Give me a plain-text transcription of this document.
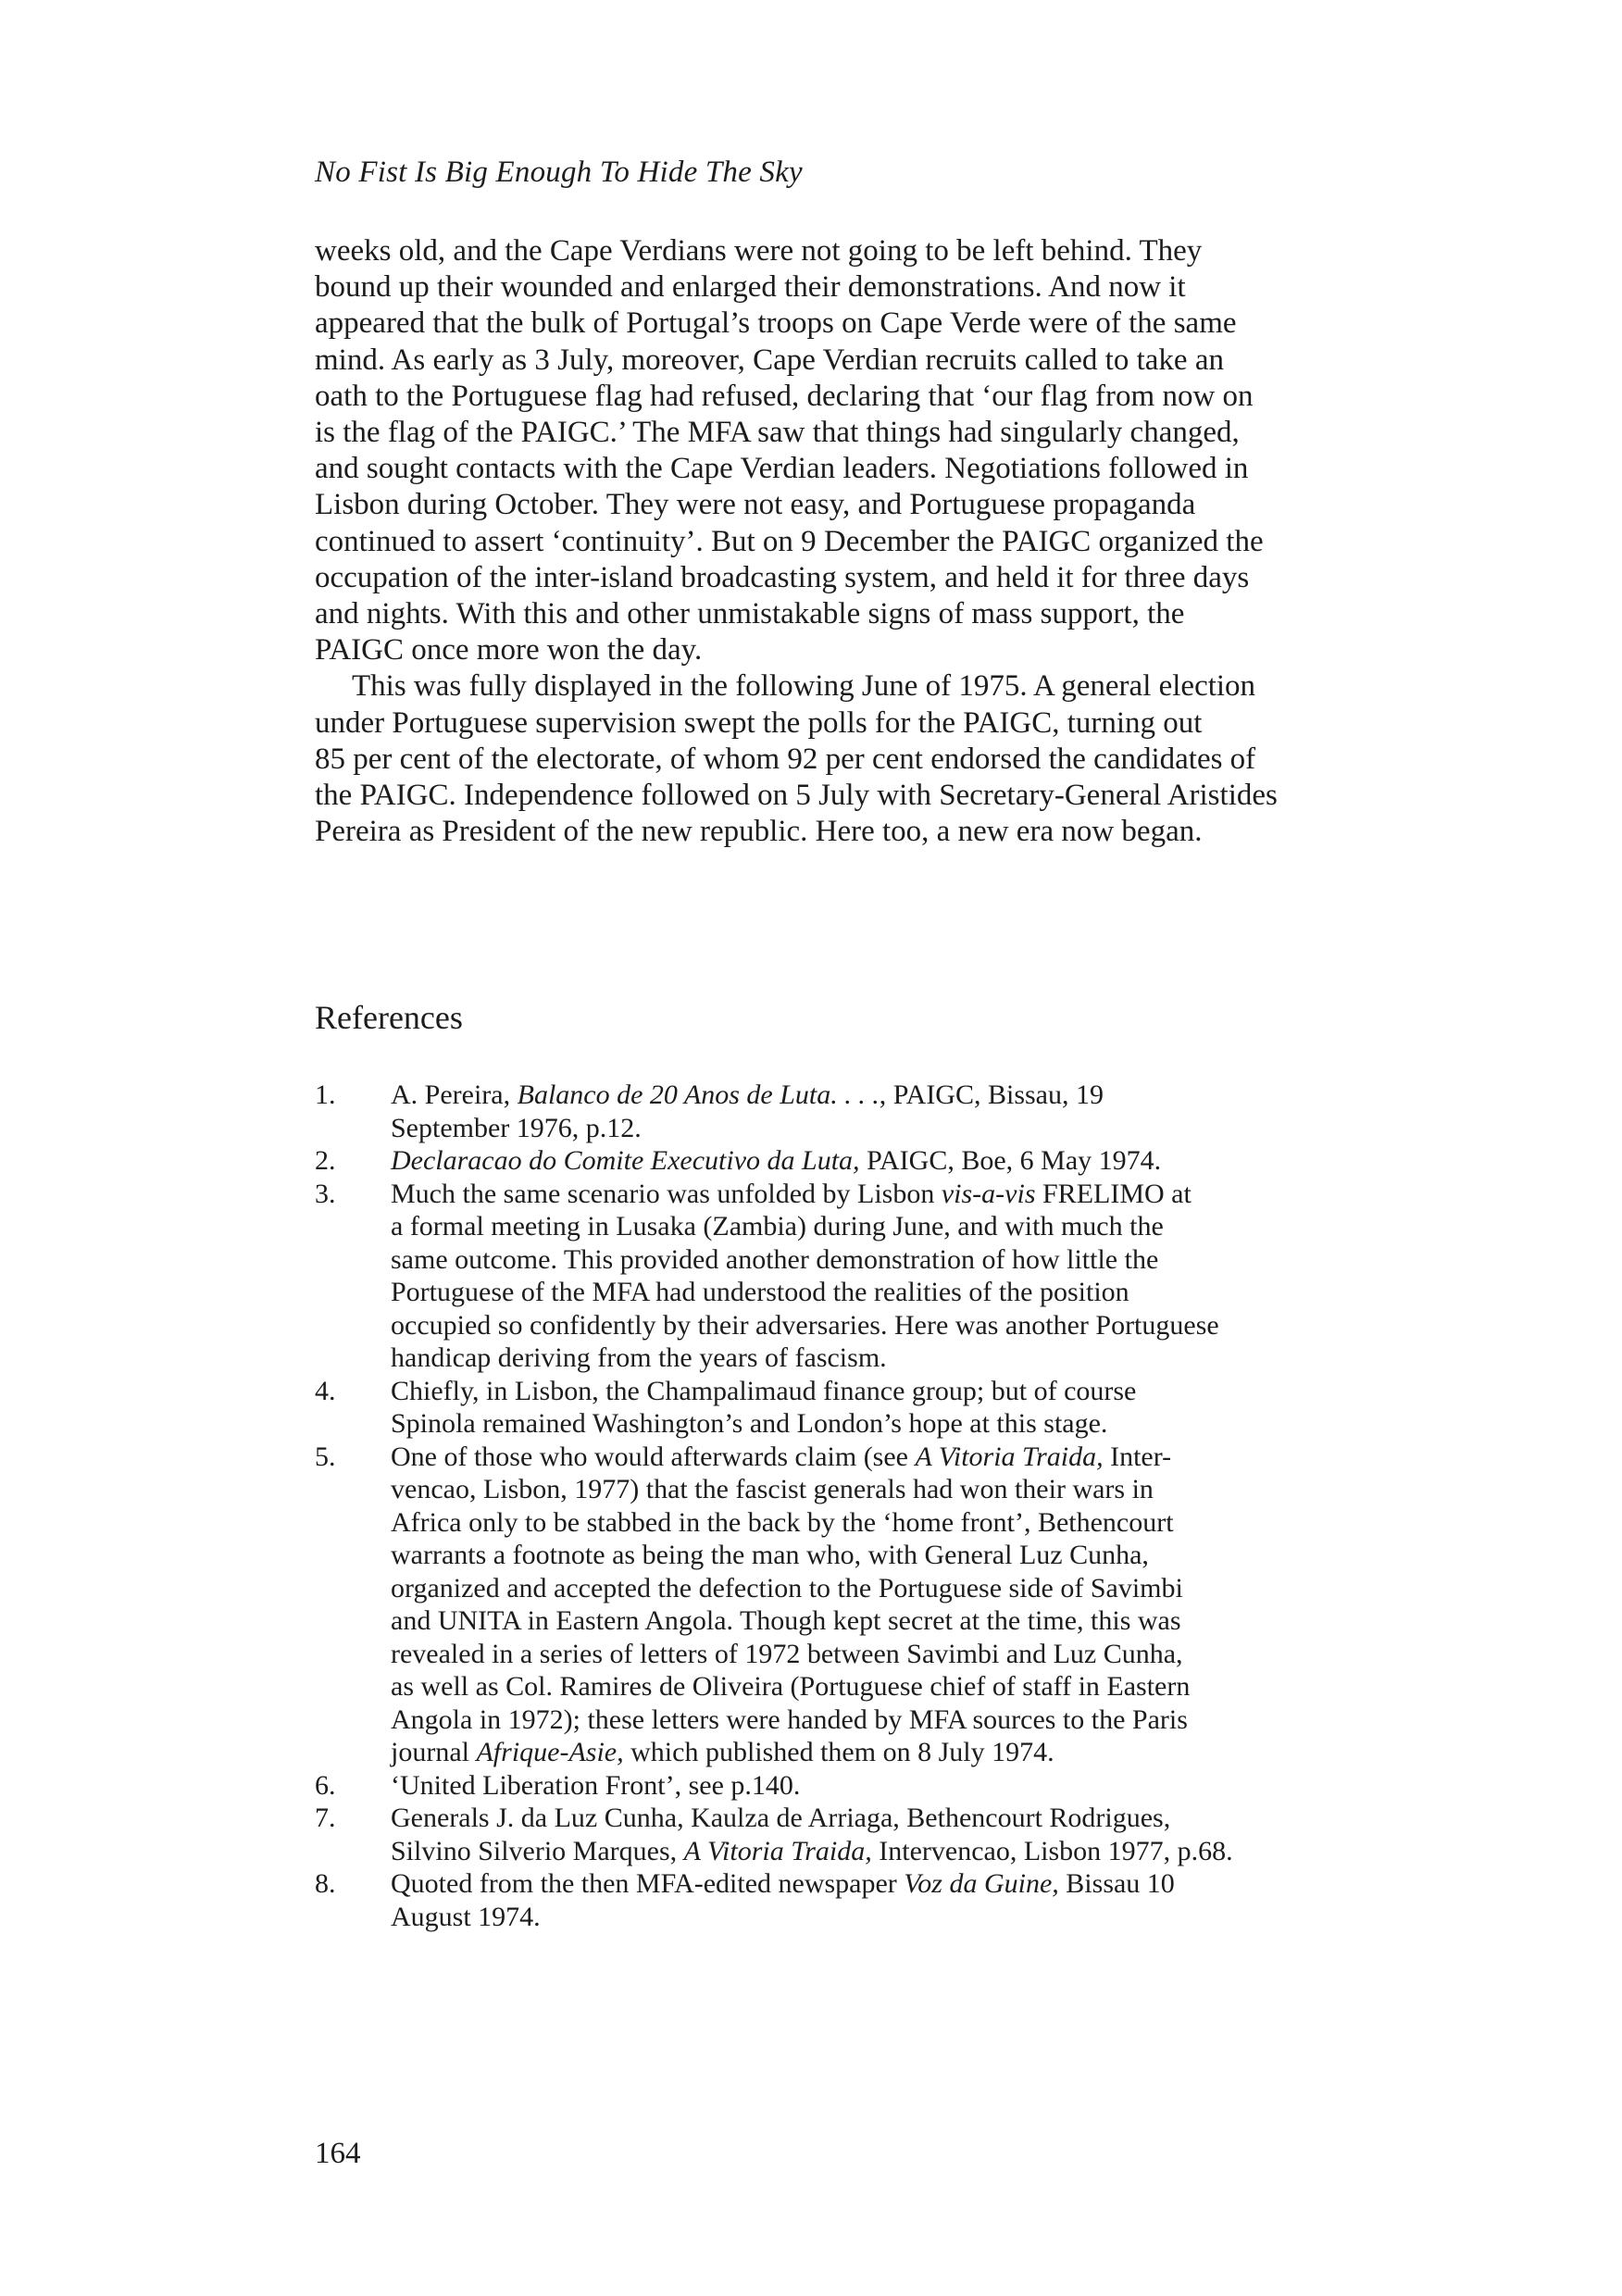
No Fist Is Big Enough To Hide The Sky
weeks old, and the Cape Verdians were not going to be left behind. They
bound up their wounded and enlarged their demonstrations. And now it
appeared that the bulk of Portugal’s troops on Cape Verde were of the same
mind. As early as 3 July, moreover, Cape Verdian recruits called to take an
oath to the Portuguese flag had refused, declaring that ‘our flag from now on
is the flag of the PAIGC.’ The MFA saw that things had singularly changed,
and sought contacts with the Cape Verdian leaders. Negotiations followed in
Lisbon during October. They were not easy, and Portuguese propaganda
continued to assert ‘continuity’. But on 9 December the PAIGC organized the
occupation of the inter-island broadcasting system, and held it for three days
and nights. With this and other unmistakable signs of mass support, the
PAIGC once more won the day.
This was fully displayed in the following June of 1975. A general election
under Portuguese supervision swept the polls for the PAIGC, turning out
85 per cent of the electorate, of whom 92 per cent endorsed the candidates of
the PAIGC. Independence followed on 5 July with Secretary-General Aristides
Pereira as President of the new republic. Here too, a new era now began.
References
1.	A. Pereira, Balanco de 20 Anos de Luta. . . ., PAIGC, Bissau, 19
September 1976, p.12.
2.	Declaracao do Comite Executivo da Luta, PAIGC, Boe, 6 May 1974.
3.	Much the same scenario was unfolded by Lisbon vis-a-vis FRELIMO at
a formal meeting in Lusaka (Zambia) during June, and with much the
same outcome. This provided another demonstration of how little the
Portuguese of the MFA had understood the realities of the position
occupied so confidently by their adversaries. Here was another Portuguese
handicap deriving from the years of fascism.
4.	Chiefly, in Lisbon, the Champalimaud finance group; but of course
Spinola remained Washington’s and London’s hope at this stage.
5.	One of those who would afterwards claim (see A Vitoria Traida, Inter-
vencao, Lisbon, 1977) that the fascist generals had won their wars in
Africa only to be stabbed in the back by the ‘home front’, Bethencourt
warrants a footnote as being the man who, with General Luz Cunha,
organized and accepted the defection to the Portuguese side of Savimbi
and UNITA in Eastern Angola. Though kept secret at the time, this was
revealed in a series of letters of 1972 between Savimbi and Luz Cunha,
as well as Col. Ramires de Oliveira (Portuguese chief of staff in Eastern
Angola in 1972); these letters were handed by MFA sources to the Paris
journal Afrique-Asie, which published them on 8 July 1974.
6.	‘United Liberation Front’, see p.140.
7.	Generals J. da Luz Cunha, Kaulza de Arriaga, Bethencourt Rodrigues,
Silvino Silverio Marques, A Vitoria Traida, Intervencao, Lisbon 1977, p.68.
8.	Quoted from the then MFA-edited newspaper Voz da Guine, Bissau 10
August 1974.
164
